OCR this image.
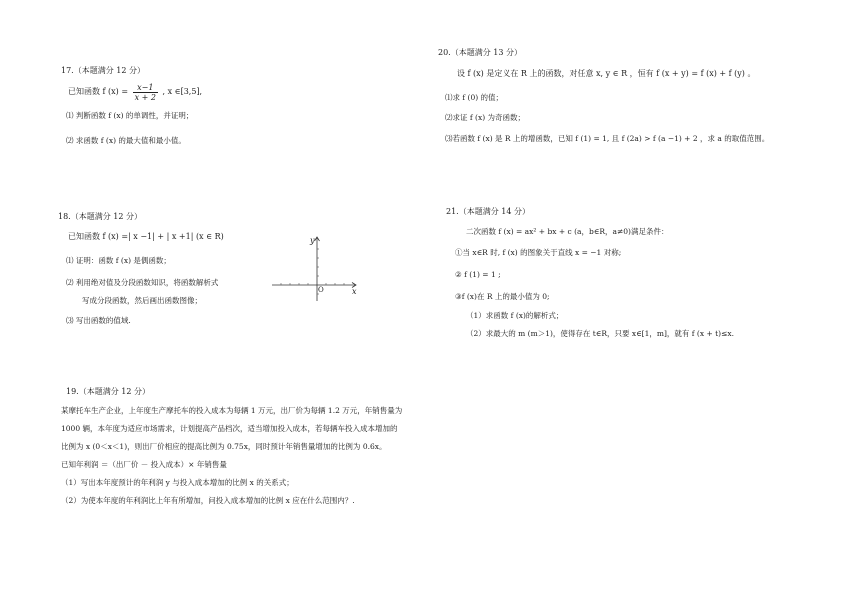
17.（本题满分 12 分）
已知函数 f $(x) = \frac{x-1}{x + 2}$ , x ∈[3,5],
⑴ 判断函数 f (x) 的单调性，并证明；
⑵ 求函数 f (x) 的最大值和最小值。
18.（本题满分 12 分）
已知函数 f (x) =| x −1| + | x +1| (x ∈ R)
⑴ 证明：函数 f (x) 是偶函数；
⑵ 利用绝对值及分段函数知识，将函数解析式
写成分段函数，然后画出函数图像；
⑶ 写出函数的值域.
y
x
O
19.（本题满分 12 分）
某摩托车生产企业，上年度生产摩托车的投入成本为每辆 1 万元，出厂价为每辆 1.2 万元，年销售量为
1000 辆，本年度为适应市场需求，计划提高产品档次，适当增加投入成本，若每辆车投入成本增加的
比例为 x (0＜x＜1)，则出厂价相应的提高比例为 0.75x，同时预计年销售量增加的比例为 0.6x。
已知年利润 ＝（出厂价 － 投入成本）× 年销售量
（1）写出本年度预计的年利润 y 与投入成本增加的比例 x 的关系式；
（2）为使本年度的年利润比上年有所增加，问投入成本增加的比例 x 应在什么范围内？.
20.（本题满分 13 分）
设 f (x) 是定义在 R 上的函数，对任意 x, y ∈ R ，恒有 f (x + y) = f (x) + f (y) 。
⑴求 f (0) 的值；
⑵求证 f (x) 为奇函数；
⑶若函数 f (x) 是 R 上的增函数，已知 f (1) = 1, 且 f (2a) > f (a −1) + 2 ，求 a 的取值范围。
21.（本题满分 14 分）
二次函数 f (x) = ax² + bx + c (a，b∈R，a≠0)满足条件：
①当 x∈R 时, f (x) 的图象关于直线 x = −1 对称;
② f (1) = 1 ;
③f (x)在 R 上的最小值为 0;
（1）求函数 f (x)的解析式；
（2）求最大的 m (m＞1)，使得存在 t∈R，只要 x∈[1，m]，就有 f (x + t)≤x.
